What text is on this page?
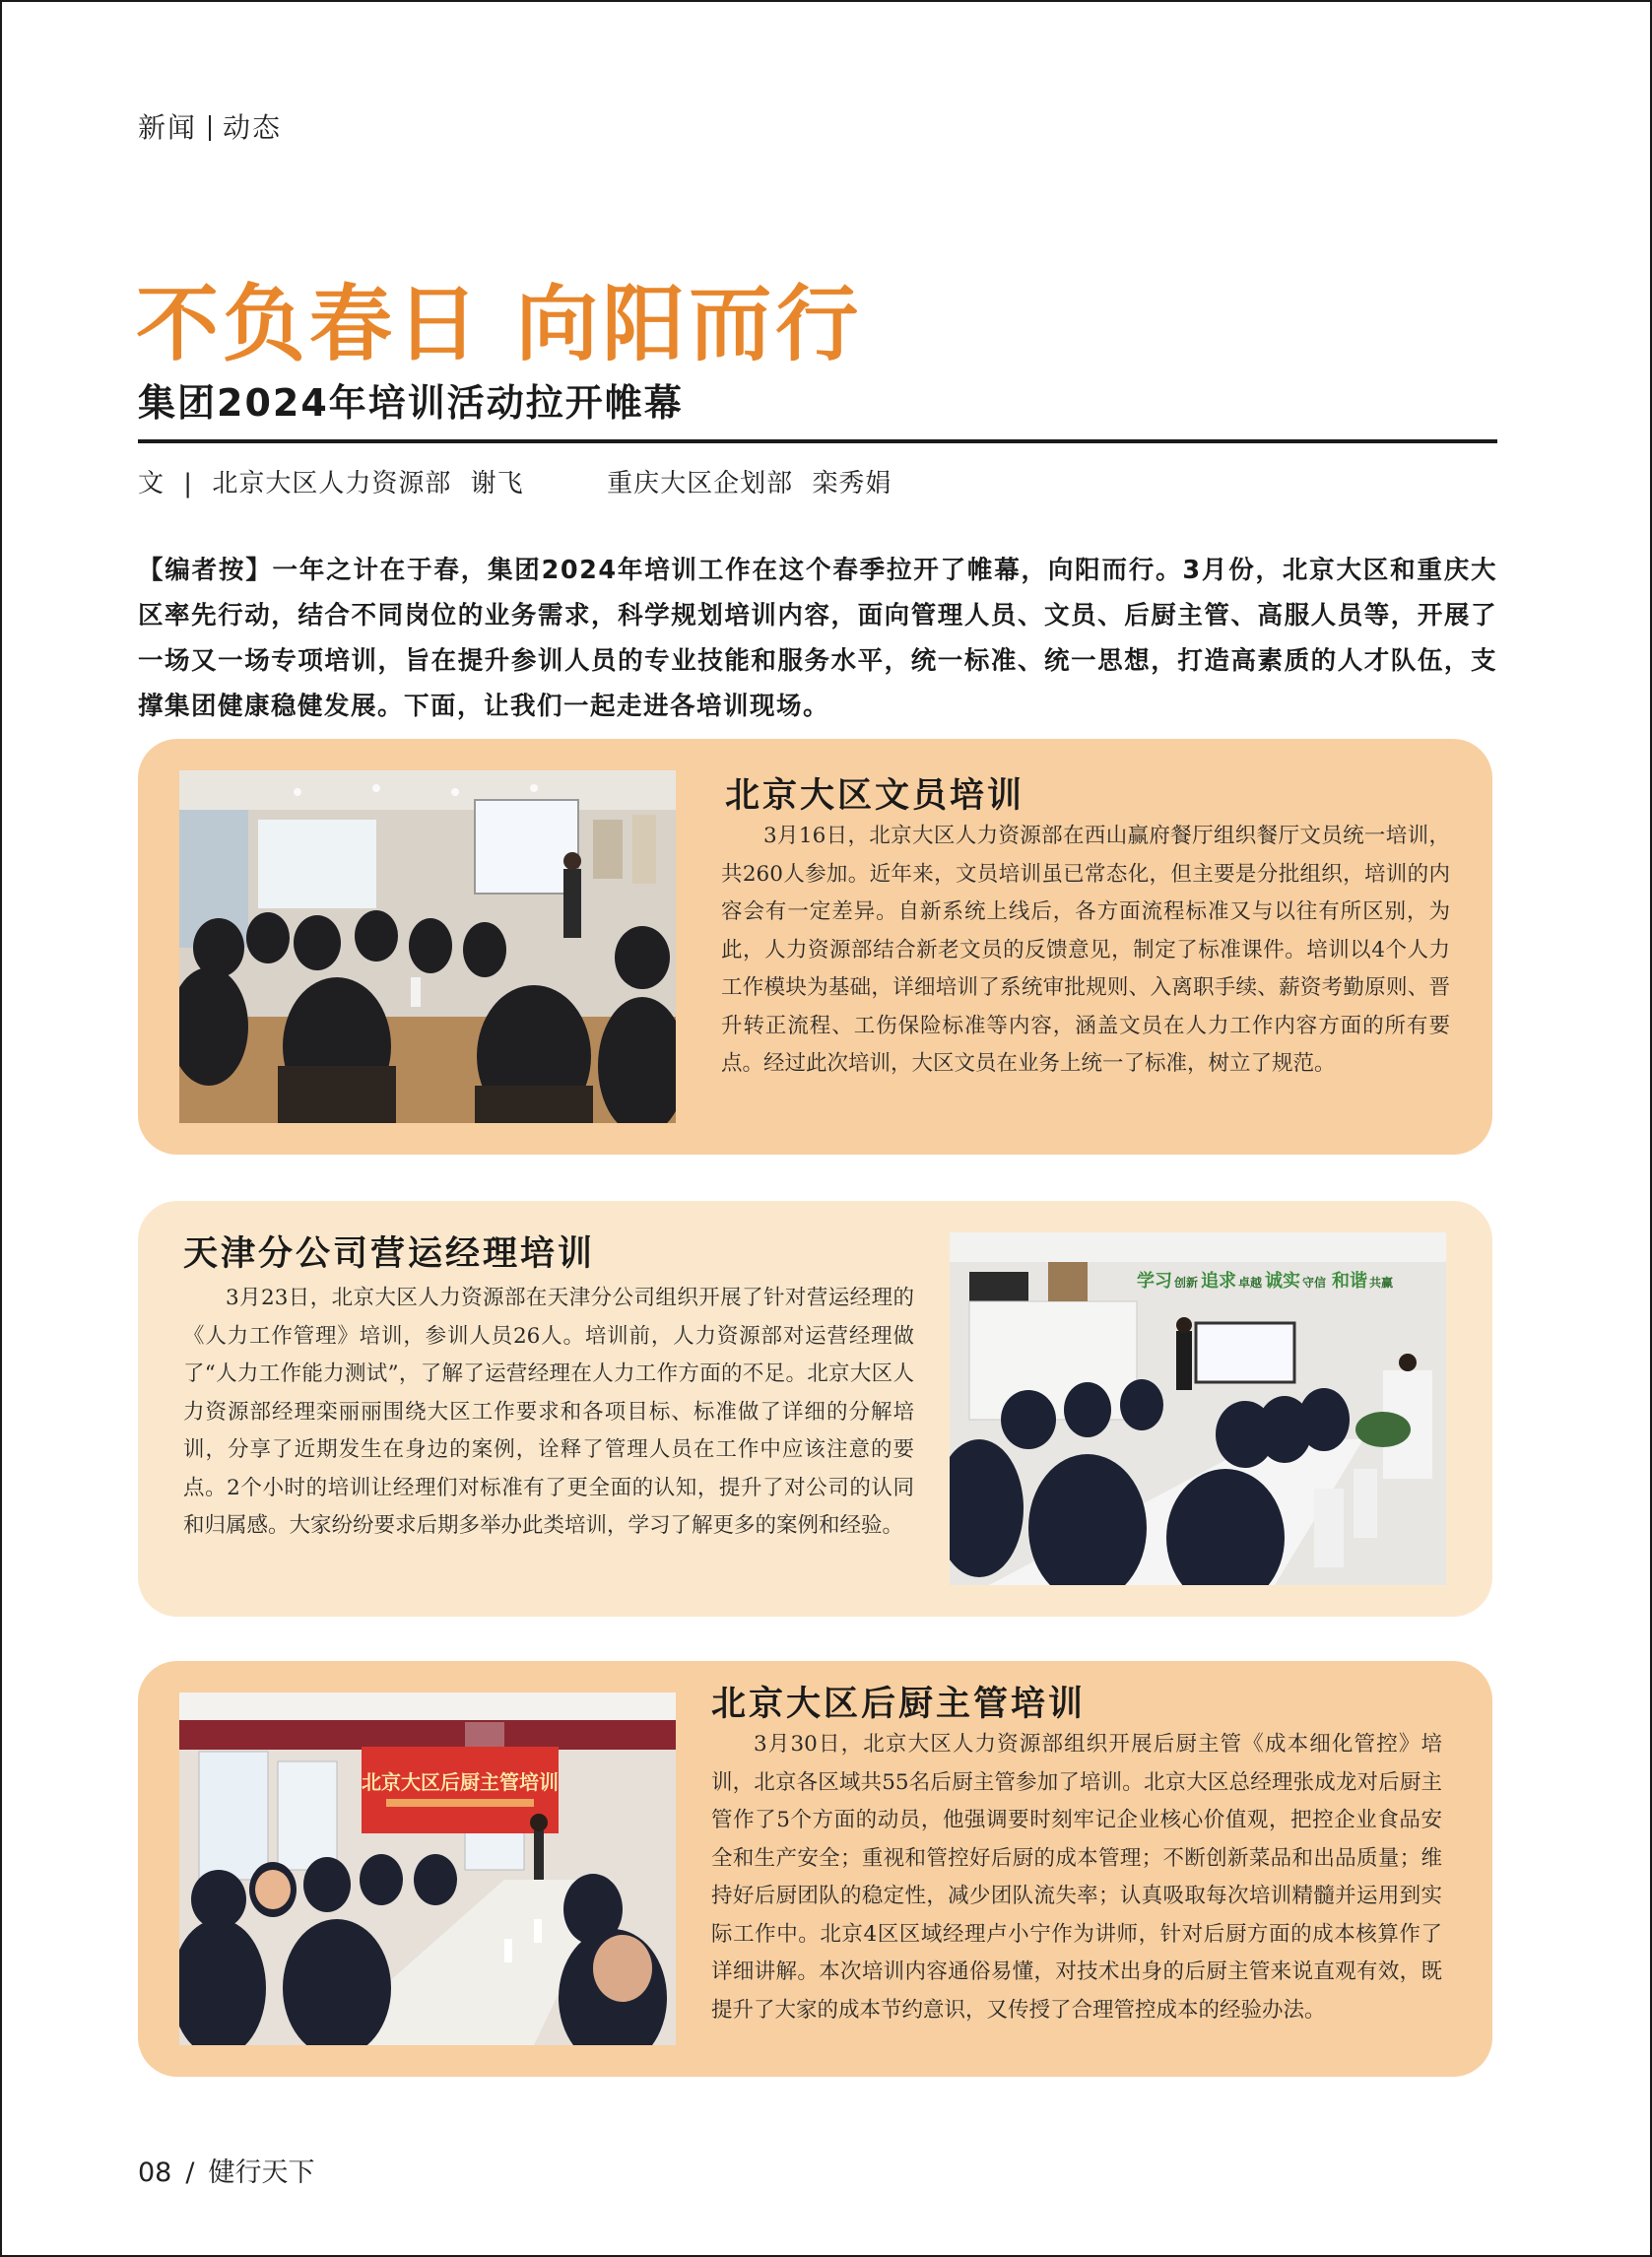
新闻 动态
不负春日 向阳而行
集团2024年培训活动拉开帷幕
文 | 北京大区人力资源部 谢飞	重庆大区企划部 栾秀娟
【编者按】一年之计在于春，集团2024年培训工作在这个春季拉开了帷幕，向阳而行。3月份，北京大区和重庆大区率先行动，结合不同岗位的业务需求，科学规划培训内容，面向管理人员、文员、后厨主管、高服人员等，开展了一场又一场专项培训，旨在提升参训人员的专业技能和服务水平，统一标准、统一思想，打造高素质的人才队伍，支撑集团健康稳健发展。下面，让我们一起走进各培训现场。
北京大区文员培训
3月16日，北京大区人力资源部在西山赢府餐厅组织餐厅文员统一培训，共260人参加。近年来，文员培训虽已常态化，但主要是分批组织，培训的内容会有一定差异。自新系统上线后，各方面流程标准又与以往有所区别，为此，人力资源部结合新老文员的反馈意见，制定了标准课件。培训以4个人力工作模块为基础，详细培训了系统审批规则、入离职手续、薪资考勤原则、晋升转正流程、工伤保险标准等内容，涵盖文员在人力工作内容方面的所有要点。经过此次培训，大区文员在业务上统一了标准，树立了规范。
天津分公司营运经理培训
3月23日，北京大区人力资源部在天津分公司组织开展了针对营运经理的《人力工作管理》培训，参训人员26人。培训前，人力资源部对运营经理做了“人力工作能力测试”，了解了运营经理在人力工作方面的不足。北京大区人力资源部经理栾丽丽围绕大区工作要求和各项目标、标准做了详细的分解培训，分享了近期发生在身边的案例，诠释了管理人员在工作中应该注意的要点。2个小时的培训让经理们对标准有了更全面的认知，提升了对公司的认同和归属感。大家纷纷要求后期多举办此类培训，学习了解更多的案例和经验。
学习 创新 追求 卓越 诚实 守信 和谐 共赢
北京大区后厨主管培训
北京大区后厨主管培训
3月30日，北京大区人力资源部组织开展后厨主管《成本细化管控》培训，北京各区域共55名后厨主管参加了培训。北京大区总经理张成龙对后厨主管作了5个方面的动员，他强调要时刻牢记企业核心价值观，把控企业食品安全和生产安全；重视和管控好后厨的成本管理；不断创新菜品和出品质量；维持好后厨团队的稳定性，减少团队流失率；认真吸取每次培训精髓并运用到实际工作中。北京4区区域经理卢小宁作为讲师，针对后厨方面的成本核算作了详细讲解。本次培训内容通俗易懂，对技术出身的后厨主管来说直观有效，既提升了大家的成本节约意识，又传授了合理管控成本的经验办法。
08 / 健行天下
